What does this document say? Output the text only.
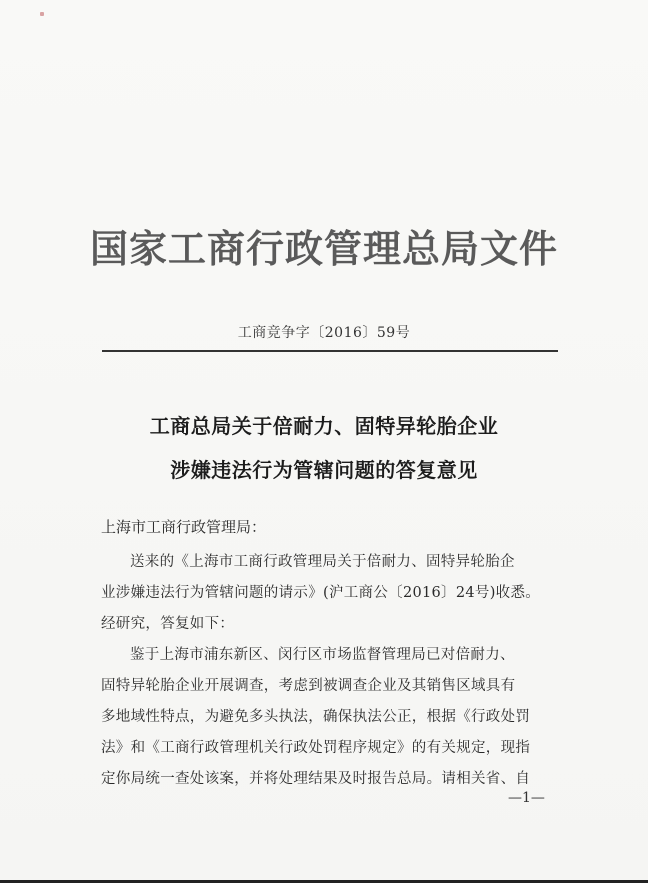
国家工商行政管理总局文件
工商竞争字〔2016〕59号
工商总局关于倍耐力、固特异轮胎企业
涉嫌违法行为管辖问题的答复意见
上海市工商行政管理局：
送来的《上海市工商行政管理局关于倍耐力、固特异轮胎企
业涉嫌违法行为管辖问题的请示》(沪工商公〔2016〕24号)收悉。
经研究，答复如下：
鉴于上海市浦东新区、闵行区市场监督管理局已对倍耐力、
固特异轮胎企业开展调查，考虑到被调查企业及其销售区域具有
多地域性特点，为避免多头执法，确保执法公正，根据《行政处罚
法》和《工商行政管理机关行政处罚程序规定》的有关规定，现指
定你局统一查处该案，并将处理结果及时报告总局。请相关省、自
—1—
